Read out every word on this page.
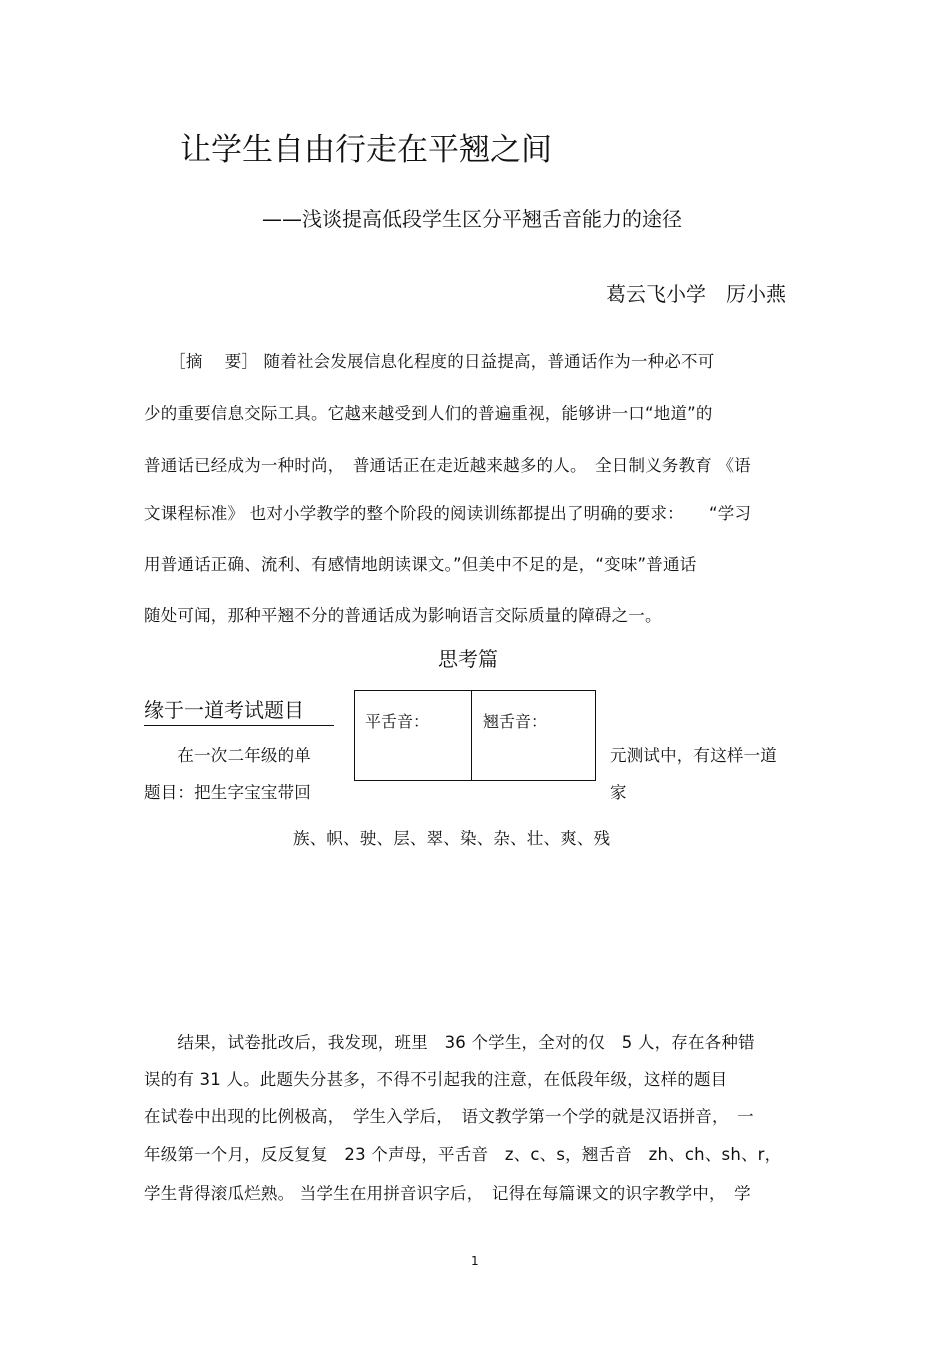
让学生自由行走在平翘之间
——浅谈提高低段学生区分平翘舌音能力的途径
葛云飞小学　厉小燕
　　［摘　 要］ 随着社会发展信息化程度的日益提高，普通话作为一种必不可
少的重要信息交际工具。它越来越受到人们的普遍重视，能够讲一口“地道”的
普通话已经成为一种时尚，　普通话正在走近越来越多的人。　全日制义务教育 《语
文课程标准》 也对小学教学的整个阶段的阅读训练都提出了明确的要求：　　“学习
用普通话正确、流利、有感情地朗读课文。”但美中不足的是，“变味”普通话
随处可闻，那种平翘不分的普通话成为影响语言交际质量的障碍之一。
思考篇
缘于一道考试题目
　　在一次二年级的单
题目：把生字宝宝带回
元测试中，有这样一道
家
平舌音：	翘舌音：
族、帜、驶、层、翠、染、杂、壮、爽、残
　　结果，试卷批改后，我发现，班里　36 个学生，全对的仅　5 人，存在各种错
误的有 31 人。此题失分甚多，不得不引起我的注意，在低段年级，这样的题目
在试卷中出现的比例极高，　学生入学后，　语文教学第一个学的就是汉语拼音，　一
年级第一个月，反反复复　23 个声母，平舌音　z、c、s，翘舌音　zh、ch、sh、r，
学生背得滚瓜烂熟。 当学生在用拼音识字后，　记得在每篇课文的识字教学中，　学
1
